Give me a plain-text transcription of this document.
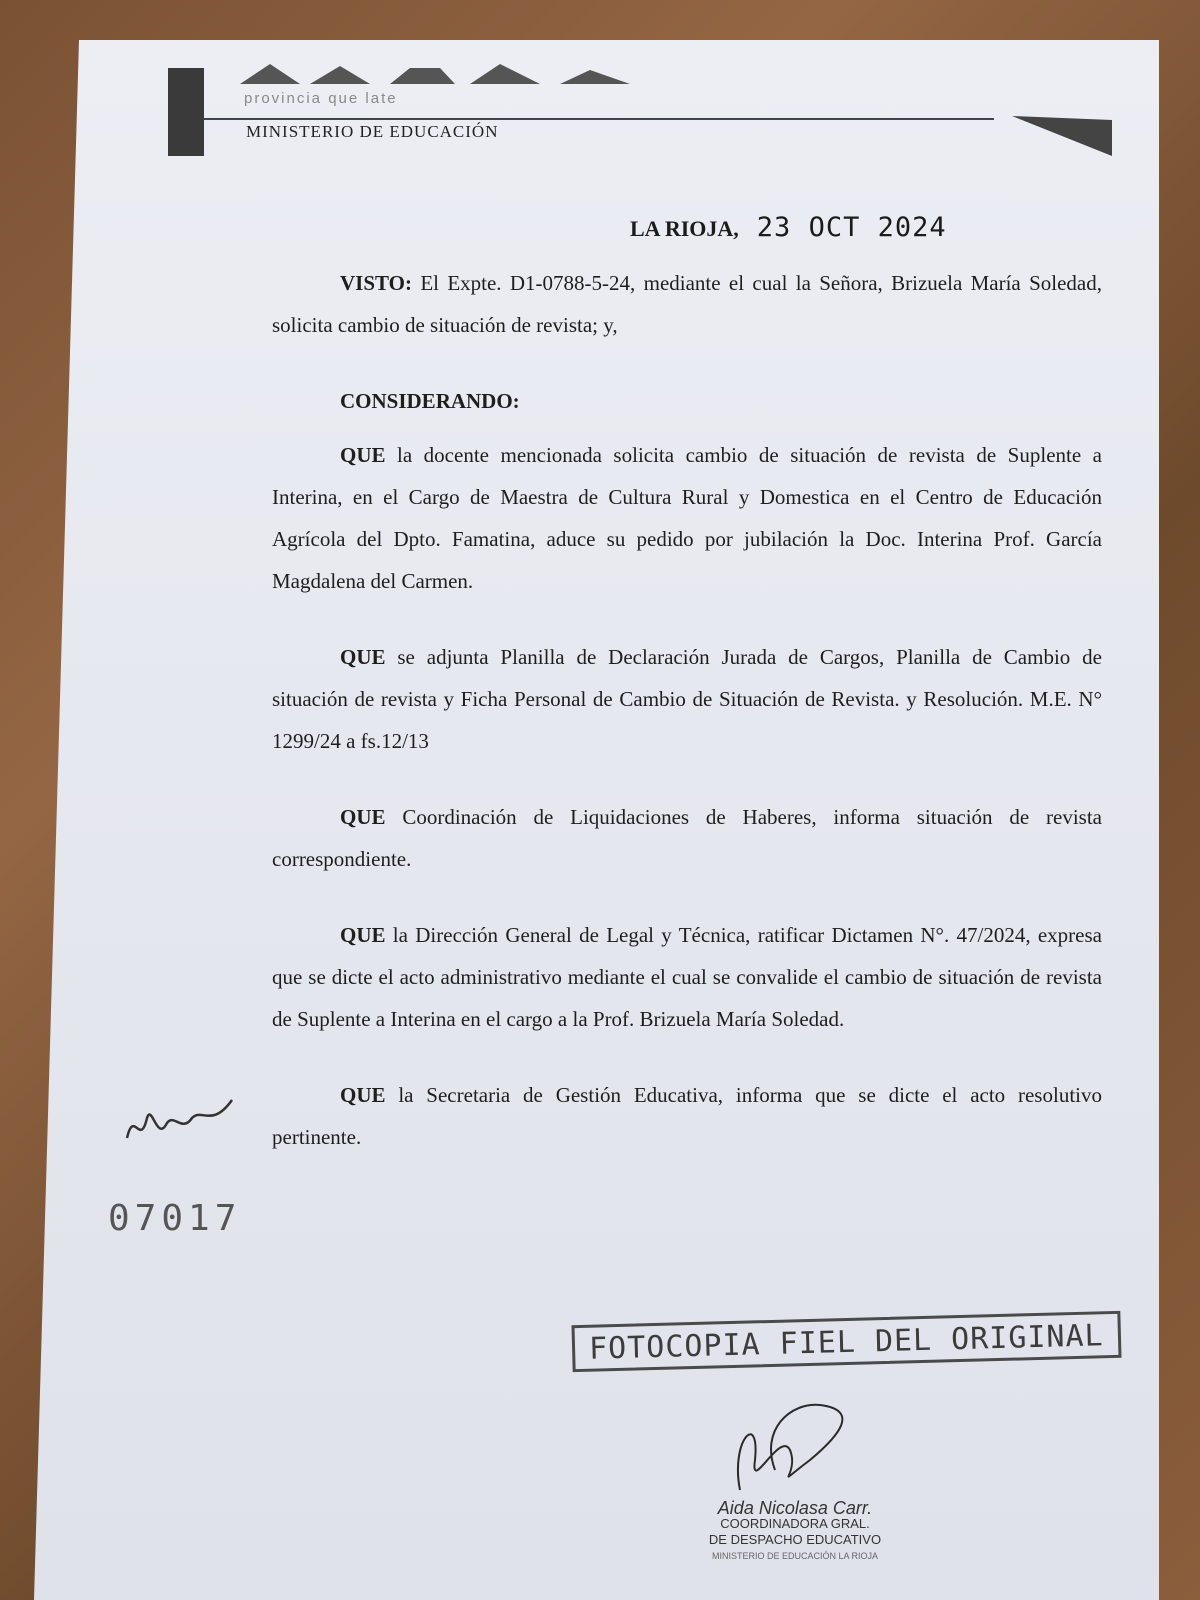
provincia que late
MINISTERIO DE EDUCACIÓN
LA RIOJA, 23 OCT 2024

VISTO: El Expte. D1-0788-5-24, mediante el cual la Señora, Brizuela María Soledad, solicita cambio de situación de revista; y,

CONSIDERANDO:

QUE la docente mencionada solicita cambio de situación de revista de Suplente a Interina, en el Cargo de Maestra de Cultura Rural y Domestica en el Centro de Educación Agrícola del Dpto. Famatina, aduce su pedido por jubilación la Doc. Interina Prof. García Magdalena del Carmen.

QUE se adjunta Planilla de Declaración Jurada de Cargos, Planilla de Cambio de situación de revista y Ficha Personal de Cambio de Situación de Revista. y Resolución. M.E. N° 1299/24 a fs.12/13

QUE Coordinación de Liquidaciones de Haberes, informa situación de revista correspondiente.

QUE la Dirección General de Legal y Técnica, ratificar Dictamen N°. 47/2024, expresa que se dicte el acto administrativo mediante el cual se convalide el cambio de situación de revista de Suplente a Interina en el cargo a la Prof. Brizuela María Soledad.

QUE la Secretaria de Gestión Educativa, informa que se dicte el acto resolutivo pertinente.

07017
FOTOCOPIA FIEL DEL ORIGINAL
Aida Nicolasa Carr.
COORDINADORA GRAL.
DE DESPACHO EDUCATIVO
MINISTERIO DE EDUCACIÓN LA RIOJA
